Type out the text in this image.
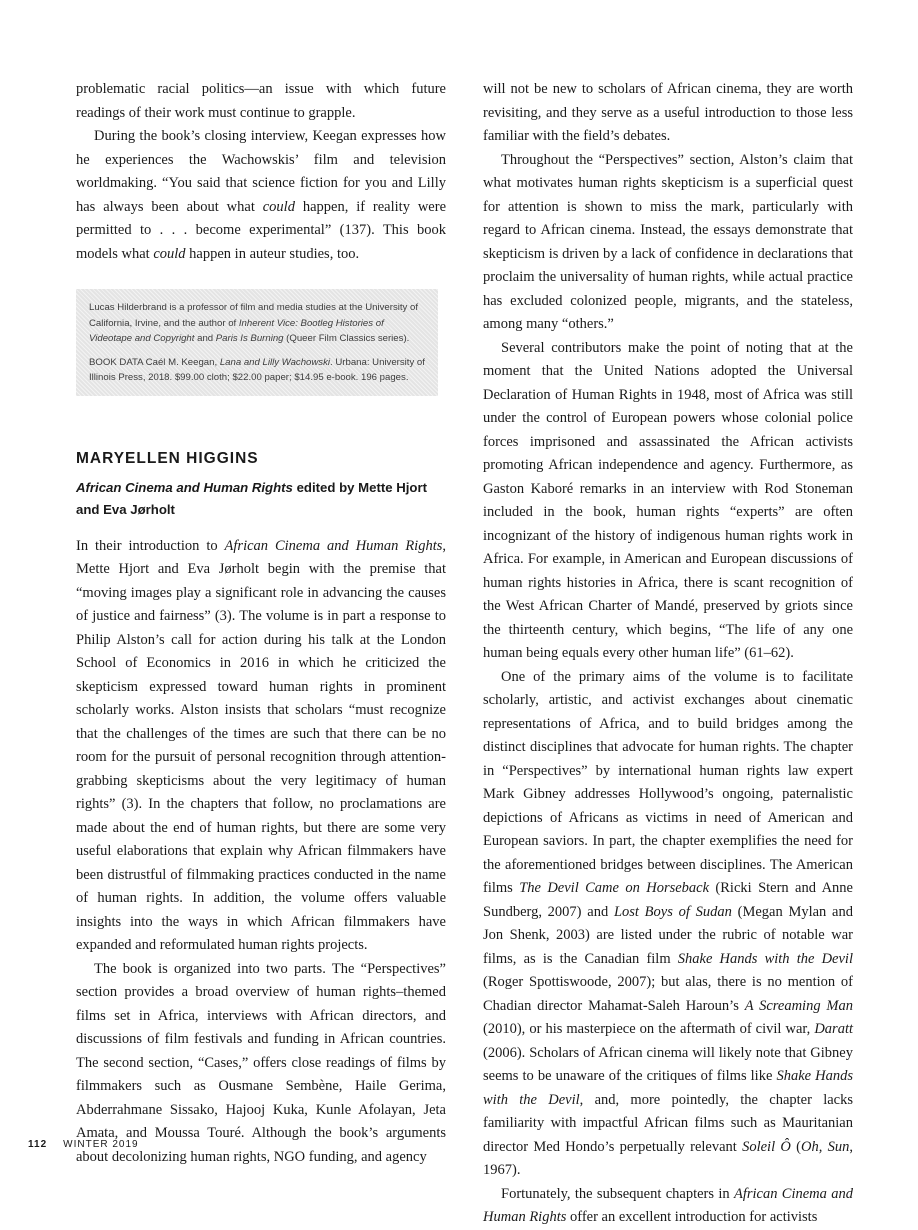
problematic racial politics—an issue with which future readings of their work must continue to grapple.

During the book’s closing interview, Keegan expresses how he experiences the Wachowskis’ film and television worldmaking. “You said that science fiction for you and Lilly has always been about what could happen, if reality were permitted to . . . become experimental” (137). This book models what could happen in auteur studies, too.

Lucas Hilderbrand is a professor of film and media studies at the University of California, Irvine, and the author of Inherent Vice: Bootleg Histories of Videotape and Copyright and Paris Is Burning (Queer Film Classics series).

BOOK DATA Caél M. Keegan, Lana and Lilly Wachowski. Urbana: University of Illinois Press, 2018. $99.00 cloth; $22.00 paper; $14.95 e-book. 196 pages.

MARYELLEN HIGGINS
African Cinema and Human Rights edited by Mette Hjort and Eva Jørholt

In their introduction to African Cinema and Human Rights, Mette Hjort and Eva Jørholt begin with the premise that “moving images play a significant role in advancing the causes of justice and fairness” (3). The volume is in part a response to Philip Alston’s call for action during his talk at the London School of Economics in 2016 in which he criticized the skepticism expressed toward human rights in prominent scholarly works. Alston insists that scholars “must recognize that the challenges of the times are such that there can be no room for the pursuit of personal recognition through attention-grabbing skepticisms about the very legitimacy of human rights” (3). In the chapters that follow, no proclamations are made about the end of human rights, but there are some very useful elaborations that explain why African filmmakers have been distrustful of filmmaking practices conducted in the name of human rights. In addition, the volume offers valuable insights into the ways in which African filmmakers have expanded and reformulated human rights projects.

The book is organized into two parts. The “Perspectives” section provides a broad overview of human rights–themed films set in Africa, interviews with African directors, and discussions of film festivals and funding in African countries. The second section, “Cases,” offers close readings of films by filmmakers such as Ousmane Sembène, Haile Gerima, Abderrahmane Sissako, Hajooj Kuka, Kunle Afolayan, Jeta Amata, and Moussa Touré. Although the book’s arguments about decolonizing human rights, NGO funding, and agency

will not be new to scholars of African cinema, they are worth revisiting, and they serve as a useful introduction to those less familiar with the field’s debates.

Throughout the “Perspectives” section, Alston’s claim that what motivates human rights skepticism is a superficial quest for attention is shown to miss the mark, particularly with regard to African cinema. Instead, the essays demonstrate that skepticism is driven by a lack of confidence in declarations that proclaim the universality of human rights, while actual practice has excluded colonized people, migrants, and the stateless, among many “others.”

Several contributors make the point of noting that at the moment that the United Nations adopted the Universal Declaration of Human Rights in 1948, most of Africa was still under the control of European powers whose colonial police forces imprisoned and assassinated the African activists promoting African independence and agency. Furthermore, as Gaston Kaboré remarks in an interview with Rod Stoneman included in the book, human rights “experts” are often incognizant of the history of indigenous human rights work in Africa. For example, in American and European discussions of human rights histories in Africa, there is scant recognition of the West African Charter of Mandé, preserved by griots since the thirteenth century, which begins, “The life of any one human being equals every other human life” (61–62).

One of the primary aims of the volume is to facilitate scholarly, artistic, and activist exchanges about cinematic representations of Africa, and to build bridges among the distinct disciplines that advocate for human rights. The chapter in “Perspectives” by international human rights law expert Mark Gibney addresses Hollywood’s ongoing, paternalistic depictions of Africans as victims in need of American and European saviors. In part, the chapter exemplifies the need for the aforementioned bridges between disciplines. The American films The Devil Came on Horseback (Ricki Stern and Anne Sundberg, 2007) and Lost Boys of Sudan (Megan Mylan and Jon Shenk, 2003) are listed under the rubric of notable war films, as is the Canadian film Shake Hands with the Devil (Roger Spottiswoode, 2007); but alas, there is no mention of Chadian director Mahamat-Saleh Haroun’s A Screaming Man (2010), or his masterpiece on the aftermath of civil war, Daratt (2006). Scholars of African cinema will likely note that Gibney seems to be unaware of the critiques of films like Shake Hands with the Devil, and, more pointedly, the chapter lacks familiarity with impactful African films such as Mauritanian director Med Hondo’s perpetually relevant Soleil Ô (Oh, Sun, 1967).

Fortunately, the subsequent chapters in African Cinema and Human Rights offer an excellent introduction for activists

112 WINTER 2019
